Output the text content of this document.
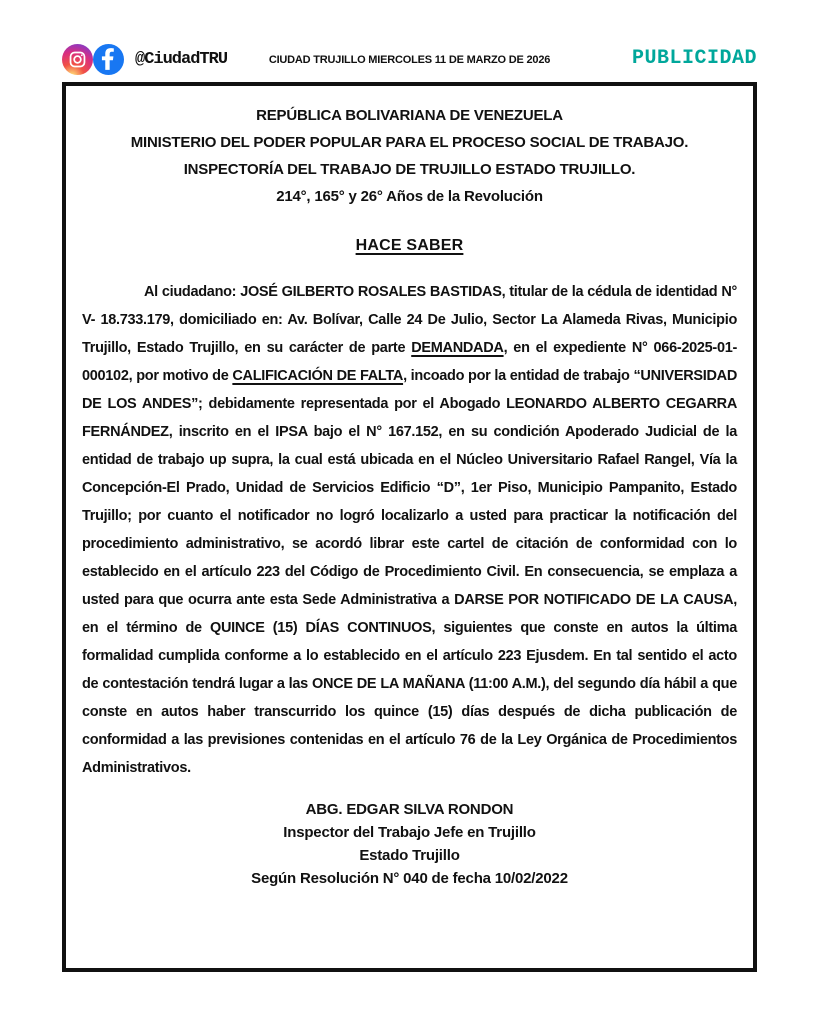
@CiudadTRU	CIUDAD TRUJILLO MIERCOLES 11 DE MARZO DE 2026	PUBLICIDAD
REPÚBLICA BOLIVARIANA DE VENEZUELA
MINISTERIO DEL PODER POPULAR PARA EL PROCESO SOCIAL DE TRABAJO.
INSPECTORÍA DEL TRABAJO DE TRUJILLO ESTADO TRUJILLO.
214°, 165° y 26° Años de la Revolución
HACE SABER

Al ciudadano: JOSÉ GILBERTO ROSALES BASTIDAS, titular de la cédula de identidad N° V- 18.733.179, domiciliado en: Av. Bolívar, Calle 24 De Julio, Sector La Alameda Rivas, Municipio Trujillo, Estado Trujillo, en su carácter de parte DEMANDADA, en el expediente N° 066-2025-01-000102, por motivo de CALIFICACIÓN DE FALTA, incoado por la entidad de trabajo “UNIVERSIDAD DE LOS ANDES”; debidamente representada por el Abogado LEONARDO ALBERTO CEGARRA FERNÁNDEZ, inscrito en el IPSA bajo el N° 167.152, en su condición Apoderado Judicial de la entidad de trabajo up supra, la cual está ubicada en el Núcleo Universitario Rafael Rangel, Vía la Concepción-El Prado, Unidad de Servicios Edificio “D”, 1er Piso, Municipio Pampanito, Estado Trujillo; por cuanto el notificador no logró localizarlo a usted para practicar la notificación del procedimiento administrativo, se acordó librar este cartel de citación de conformidad con lo establecido en el artículo 223 del Código de Procedimiento Civil. En consecuencia, se emplaza a usted para que ocurra ante esta Sede Administrativa a DARSE POR NOTIFICADO DE LA CAUSA, en el término de QUINCE (15) DÍAS CONTINUOS, siguientes que conste en autos la última formalidad cumplida conforme a lo establecido en el artículo 223 Ejusdem. En tal sentido el acto de contestación tendrá lugar a las ONCE DE LA MAÑANA (11:00 A.M.), del segundo día hábil a que conste en autos haber transcurrido los quince (15) días después de dicha publicación de conformidad a las previsiones contenidas en el artículo 76 de la Ley Orgánica de Procedimientos Administrativos.

ABG. EDGAR SILVA RONDON
Inspector del Trabajo Jefe en Trujillo
Estado Trujillo
Según Resolución N° 040 de fecha 10/02/2022
